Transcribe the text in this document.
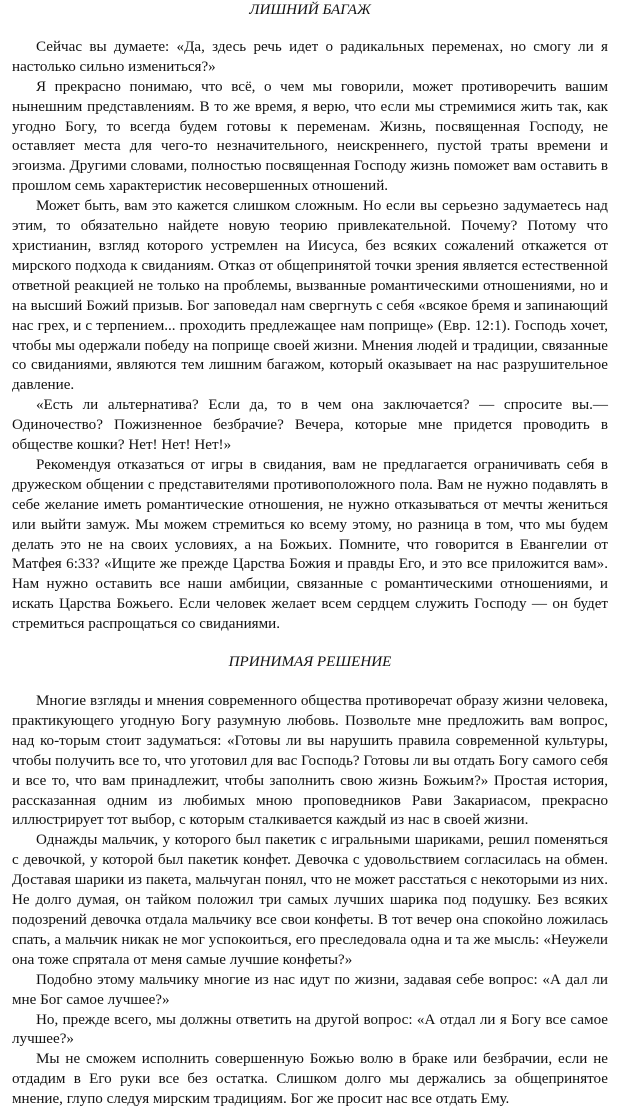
ЛИШНИЙ БАГАЖ

Сейчас вы думаете: «Да, здесь речь идет о радикальных переменах, но смогу ли я настолько сильно измениться?»

Я прекрасно понимаю, что всё, о чем мы говорили, может противоречить вашим нынешним представлениям. В то же время, я верю, что если мы стремимися жить так, как угодно Богу, то всегда будем готовы к переменам. Жизнь, посвященная Господу, не оставляет места для чего-то незначительного, неискреннего, пустой траты времени и эгоизма. Другими словами, полностью посвященная Господу жизнь поможет вам оставить в прошлом семь характеристик несовершенных отношений.

Может быть, вам это кажется слишком сложным. Но если вы серьезно задумаетесь над этим, то обязательно найдете новую теорию привлекательной. Почему? Потому что христианин, взгляд которого устремлен на Иисуса, без всяких сожалений откажется от мирского подхода к свиданиям. Отказ от общепринятой точки зрения является естественной ответной реакцией не только на проблемы, вызванные романтическими отношениями, но и на высший Божий призыв. Бог заповедал нам свергнуть с себя «всякое бремя и запинающий нас грех, и с терпением... проходить предлежащее нам поприще» (Евр. 12:1). Господь хочет, чтобы мы одержали победу на поприще своей жизни. Мнения людей и традиции, связанные со свиданиями, являются тем лишним багажом, который оказывает на нас разрушительное давление.

«Есть ли альтернатива? Если да, то в чем она заключается? — спросите вы.— Одиночество? Пожизненное безбрачие? Вечера, которые мне придется проводить в обществе кошки? Нет! Нет! Нет!»

Рекомендуя отказаться от игры в свидания, вам не предлагается ограничивать себя в дружеском общении с представителями противоположного пола. Вам не нужно подавлять в себе желание иметь романтические отношения, не нужно отказываться от мечты жениться или выйти замуж. Мы можем стремиться ко всему этому, но разница в том, что мы будем делать это не на своих условиях, а на Божьих. Помните, что говорится в Евангелии от Матфея 6:33? «Ищите же прежде Царства Божия и правды Его, и это все приложится вам». Нам нужно оставить все наши амбиции, связанные с романтическими отношениями, и искать Царства Божьего. Если человек желает всем сердцем служить Господу — он будет стремиться распрощаться со свиданиями.

ПРИНИМАЯ РЕШЕНИЕ

Многие взгляды и мнения современного общества противоречат образу жизни человека, практикующего угодную Богу разумную любовь. Позвольте мне предложить вам вопрос, над ко-торым стоит задуматься: «Готовы ли вы нарушить правила современной культуры, чтобы получить все то, что уготовил для вас Господь? Готовы ли вы отдать Богу самого себя и все то, что вам принадлежит, чтобы заполнить свою жизнь Божьим?» Простая история, рассказанная одним из любимых мною проповедников Рави Закариасом, прекрасно иллюстрирует тот выбор, с которым сталкивается каждый из нас в своей жизни.

Однажды мальчик, у которого был пакетик с игральными шариками, решил поменяться с девочкой, у которой был пакетик конфет. Девочка с удовольствием согласилась на обмен. Доставая шарики из пакета, мальчуган понял, что не может расстаться с некоторыми из них. Не долго думая, он тайком положил три самых лучших шарика под подушку. Без всяких подозрений девочка отдала мальчику все свои конфеты. В тот вечер она спокойно ложилась спать, а мальчик никак не мог успокоиться, его преследовала одна и та же мысль: «Неужели она тоже спрятала от меня самые лучшие конфеты?»

Подобно этому мальчику многие из нас идут по жизни, задавая себе вопрос: «А дал ли мне Бог самое лучшее?»

Но, прежде всего, мы должны ответить на другой вопрос: «А отдал ли я Богу все самое лучшее?»

Мы не сможем исполнить совершенную Божью волю в браке или безбрачии, если не отдадим в Его руки все без остатка. Слишком долго мы держались за общепринятое мнение, глупо следуя мирским традициям. Бог же просит нас все отдать Ему.
